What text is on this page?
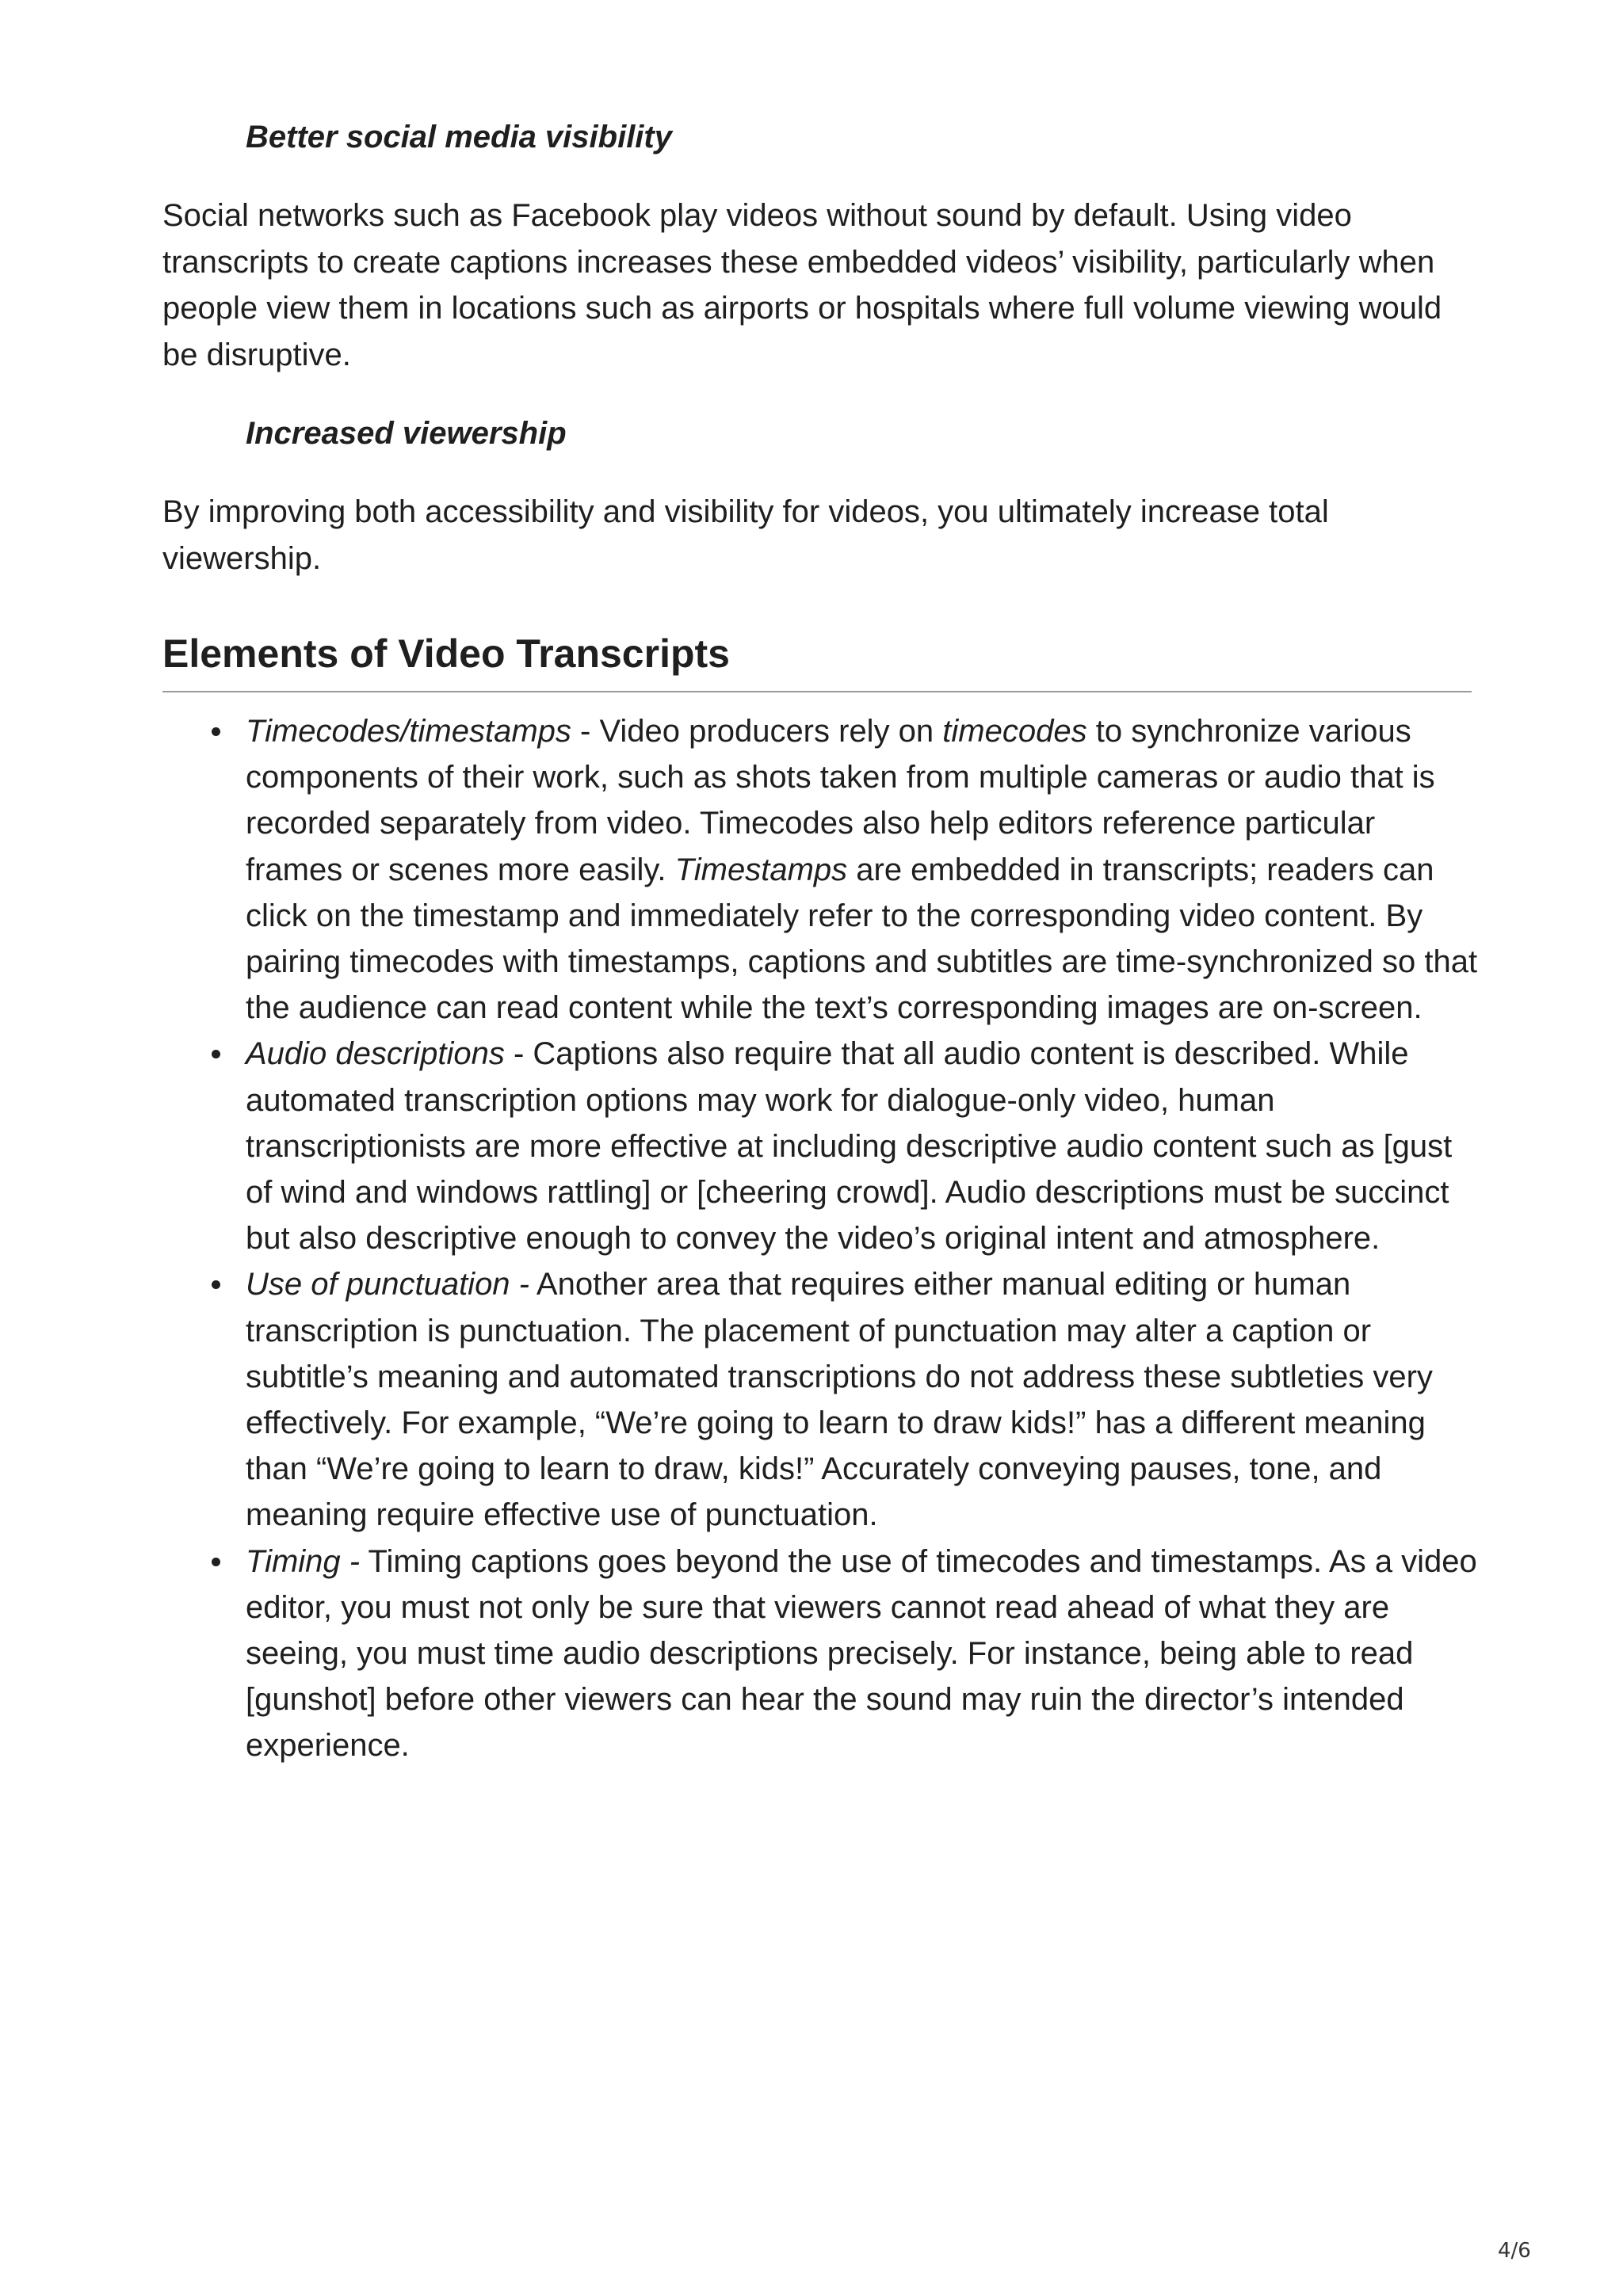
Better social media visibility

Social networks such as Facebook play videos without sound by default. Using video transcripts to create captions increases these embedded videos’ visibility, particularly when people view them in locations such as airports or hospitals where full volume viewing would be disruptive.

Increased viewership

By improving both accessibility and visibility for videos, you ultimately increase total viewership.

Elements of Video Transcripts
Timecodes/timestamps - Video producers rely on timecodes to synchronize various components of their work, such as shots taken from multiple cameras or audio that is recorded separately from video. Timecodes also help editors reference particular frames or scenes more easily. Timestamps are embedded in transcripts; readers can click on the timestamp and immediately refer to the corresponding video content. By pairing timecodes with timestamps, captions and subtitles are time-synchronized so that the audience can read content while the text’s corresponding images are on-screen.
Audio descriptions - Captions also require that all audio content is described. While automated transcription options may work for dialogue-only video, human transcriptionists are more effective at including descriptive audio content such as [gust of wind and windows rattling] or [cheering crowd]. Audio descriptions must be succinct but also descriptive enough to convey the video’s original intent and atmosphere.
Use of punctuation - Another area that requires either manual editing or human transcription is punctuation. The placement of punctuation may alter a caption or subtitle’s meaning and automated transcriptions do not address these subtleties very effectively. For example, “We’re going to learn to draw kids!” has a different meaning than “We’re going to learn to draw, kids!” Accurately conveying pauses, tone, and meaning require effective use of punctuation.
Timing - Timing captions goes beyond the use of timecodes and timestamps. As a video editor, you must not only be sure that viewers cannot read ahead of what they are seeing, you must time audio descriptions precisely. For instance, being able to read [gunshot] before other viewers can hear the sound may ruin the director’s intended experience.
4/6
